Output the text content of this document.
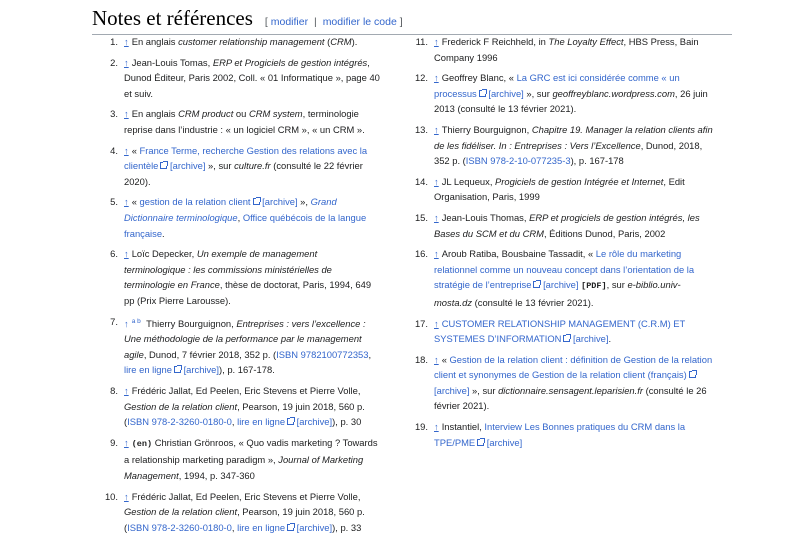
Notes et références [ modifier | modifier le code ]
1. ↑ En anglais customer relationship management (CRM).
2. ↑ Jean-Louis Tomas, ERP et Progiciels de gestion intégrés, Dunod Éditeur, Paris 2002, Coll. « 01 Informatique », page 40 et suiv.
3. ↑ En anglais CRM product ou CRM system, terminologie reprise dans l’industrie : « un logiciel CRM », « un CRM ».
4. ↑ « France Terme, recherche Gestion des relations avec la clientèle [archive] », sur culture.fr (consulté le 22 février 2020).
5. ↑ « gestion de la relation client [archive] », Grand Dictionnaire terminologique, Office québécois de la langue française.
6. ↑ Loïc Depecker, Un exemple de management terminologique : les commissions ministérielles de terminologie en France, thèse de doctorat, Paris, 1994, 649 pp (Prix Pierre Larousse).
7. ↑ $^{a b}$ Thierry Bourguignon, Entreprises : vers l’excellence : Une méthodologie de la performance par le management agile, Dunod, 7 février 2018, 352 p. (ISBN 9782100772353, lire en ligne [archive]), p. 167-178.
8. ↑ Frédéric Jallat, Ed Peelen, Eric Stevens et Pierre Volle, Gestion de la relation client, Pearson, 19 juin 2018, 560 p. (ISBN 978-2-3260-0180-0, lire en ligne [archive]), p. 30
9. ↑ (en) Christian Grönroos, « Quo vadis marketing ? Towards a relationship marketing paradigm », Journal of Marketing Management, 1994, p. 347-360
10. ↑ Frédéric Jallat, Ed Peelen, Eric Stevens et Pierre Volle, Gestion de la relation client, Pearson, 19 juin 2018, 560 p. (ISBN 978-2-3260-0180-0, lire en ligne [archive]), p. 33
11. ↑ Frederick F Reichheld, in The Loyalty Effect, HBS Press, Bain Company 1996
12. ↑ Geoffrey Blanc, « La GRC est ici considérée comme « un processus [archive] », sur geoffreyblanc.wordpress.com, 26 juin 2013 (consulté le 13 février 2021).
13. ↑ Thierry Bourguignon, Chapitre 19. Manager la relation clients afin de les fidéliser. In : Entreprises : Vers l’Excellence, Dunod, 2018, 352 p. (ISBN 978-2-10-077235-3), p. 167-178
14. ↑ JL Lequeux, Progiciels de gestion Intégrée et Internet, Edit Organisation, Paris, 1999
15. ↑ Jean-Louis Thomas, ERP et progiciels de gestion intégrés, les Bases du SCM et du CRM, Éditions Dunod, Paris, 2002
16. ↑ Aroub Ratiba, Bousbaine Tassadit, « Le rôle du marketing relationnel comme un nouveau concept dans l’orientation de la stratégie de l’entreprise [archive] [PDF], sur e-biblio.univ-mosta.dz (consulté le 13 février 2021).
17. ↑ CUSTOMER RELATIONSHIP MANAGEMENT (C.R.M) ET SYSTEMES D’INFORMATION [archive].
18. ↑ « Gestion de la relation client : définition de Gestion de la relation client et synonymes de Gestion de la relation client (français) [archive] », sur dictionnaire.sensagent.leparisien.fr (consulté le 26 février 2021).
19. ↑ Instantiel, Interview Les Bonnes pratiques du CRM dans la TPE/PME [archive]
